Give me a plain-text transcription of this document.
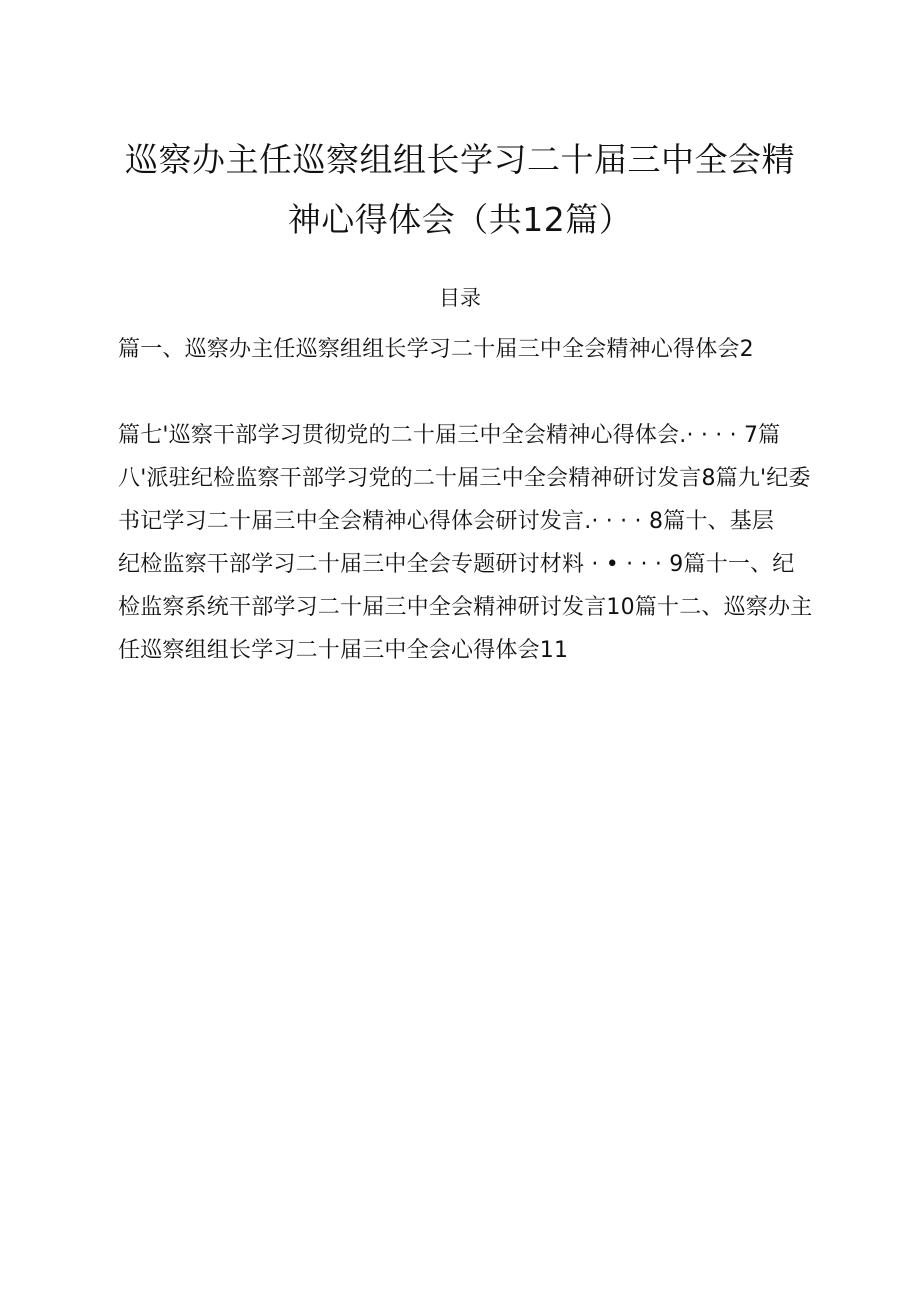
巡察办主任巡察组组长学习二十届三中全会精
神心得体会（共12篇）
目录
篇一、巡察办主任巡察组组长学习二十届三中全会精神心得体会2
篇七'巡察干部学习贯彻党的二十届三中全会精神心得体会.· · · · 7篇
八'派驻纪检监察干部学习党的二十届三中全会精神研讨发言8篇九'纪委
书记学习二十届三中全会精神心得体会研讨发言.· · · · 8篇十、基层
纪检监察干部学习二十届三中全会专题研讨材料 · • · · · 9篇十一、纪
检监察系统干部学习二十届三中全会精神研讨发言10篇十二、巡察办主
任巡察组组长学习二十届三中全会心得体会11
